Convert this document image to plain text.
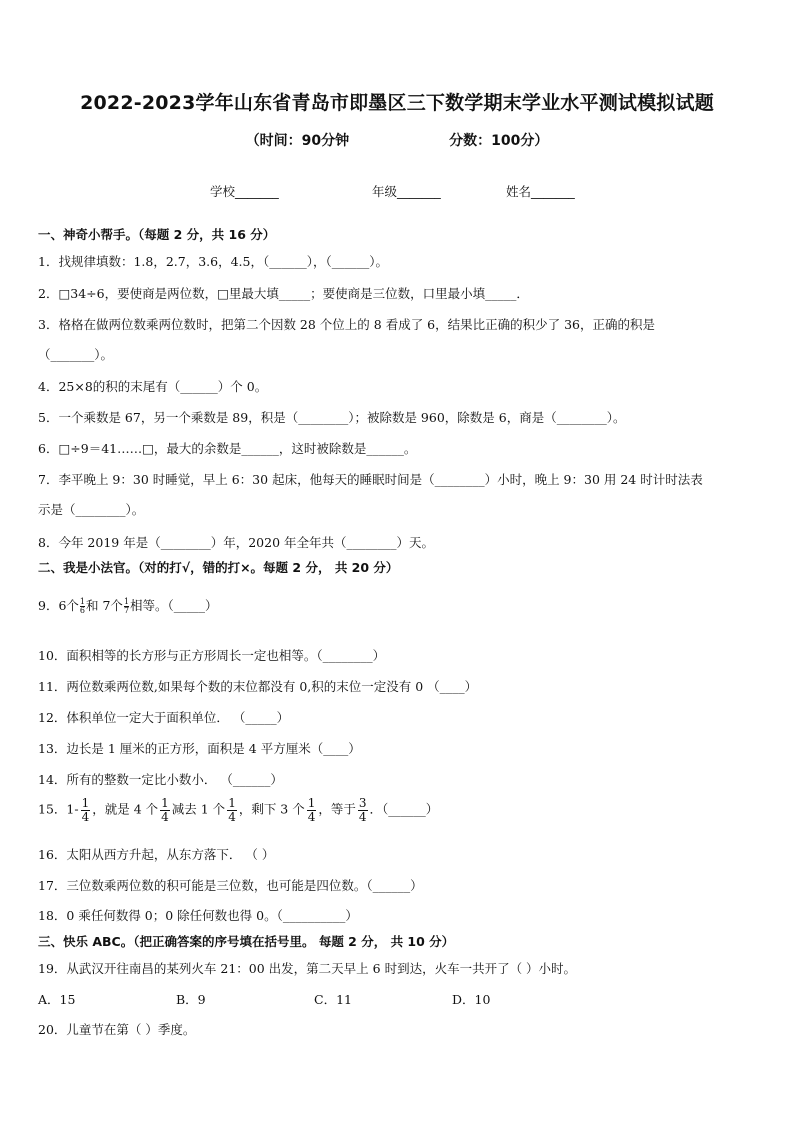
2022-2023学年山东省青岛市即墨区三下数学期末学业水平测试模拟试题
（时间：90分钟	分数：100分）
学校_______	年级_______	姓名_______
一、神奇小帮手。（每题 2 分，共 16 分）
1．找规律填数：1.8，2.7，3.6，4.5，（______），（______）。
2．□34÷6，要使商是两位数，□里最大填_____；要使商是三位数，口里最小填_____．
3．格格在做两位数乘两位数时，把第二个因数 28 个位上的 8 看成了 6，结果比正确的积少了 36，正确的积是
（_______）。
4．25×8的积的末尾有（______）个 0。
5．一个乘数是 67，另一个乘数是 89，积是（________）；被除数是 960，除数是 6，商是（________）。
6．□÷9＝41……□，最大的余数是______，这时被除数是______。
7．李平晚上 9：30 时睡觉，早上 6：30 起床，他每天的睡眠时间是（________）小时，晚上 9：30 用 24 时计时法表
示是（________）。
8．今年 2019 年是（________）年，2020 年全年共（________）天。
二、我是小法官。（对的打√，错的打×。每题 2 分， 共 20 分）
9．6个 $\frac{1}{6}$ 和 7个 $\frac{1}{7}$ 相等。（_____）
10．面积相等的长方形与正方形周长一定也相等。（________）
11．两位数乘两位数,如果每个数的末位都没有 0,积的末位一定没有 0 （____）
12．体积单位一定大于面积单位． （_____）
13．边长是 1 厘米的正方形，面积是 4 平方厘米（____）
14．所有的整数一定比小数小． （______）
15．$1- \frac{1}{4}$ ，就是 4 个 $\frac{1}{4}$ 减去 1 个 $\frac{1}{4}$ ，剩下 3 个 $\frac{1}{4}$ ，等于 $\frac{3}{4}$ ．（______）
16．太阳从西方升起，从东方落下． （ ）
17．三位数乘两位数的积可能是三位数，也可能是四位数。（______）
18．0 乘任何数得 0；0 除任何数也得 0。（__________）
三、快乐 ABC。（把正确答案的序号填在括号里。 每题 2 分， 共 10 分）
19．从武汉开往南昌的某列火车 21：00 出发，第二天早上 6 时到达，火车一共开了（ ）小时。
A．15	B．9	C．11	D．10
20．儿童节在第（ ）季度。
